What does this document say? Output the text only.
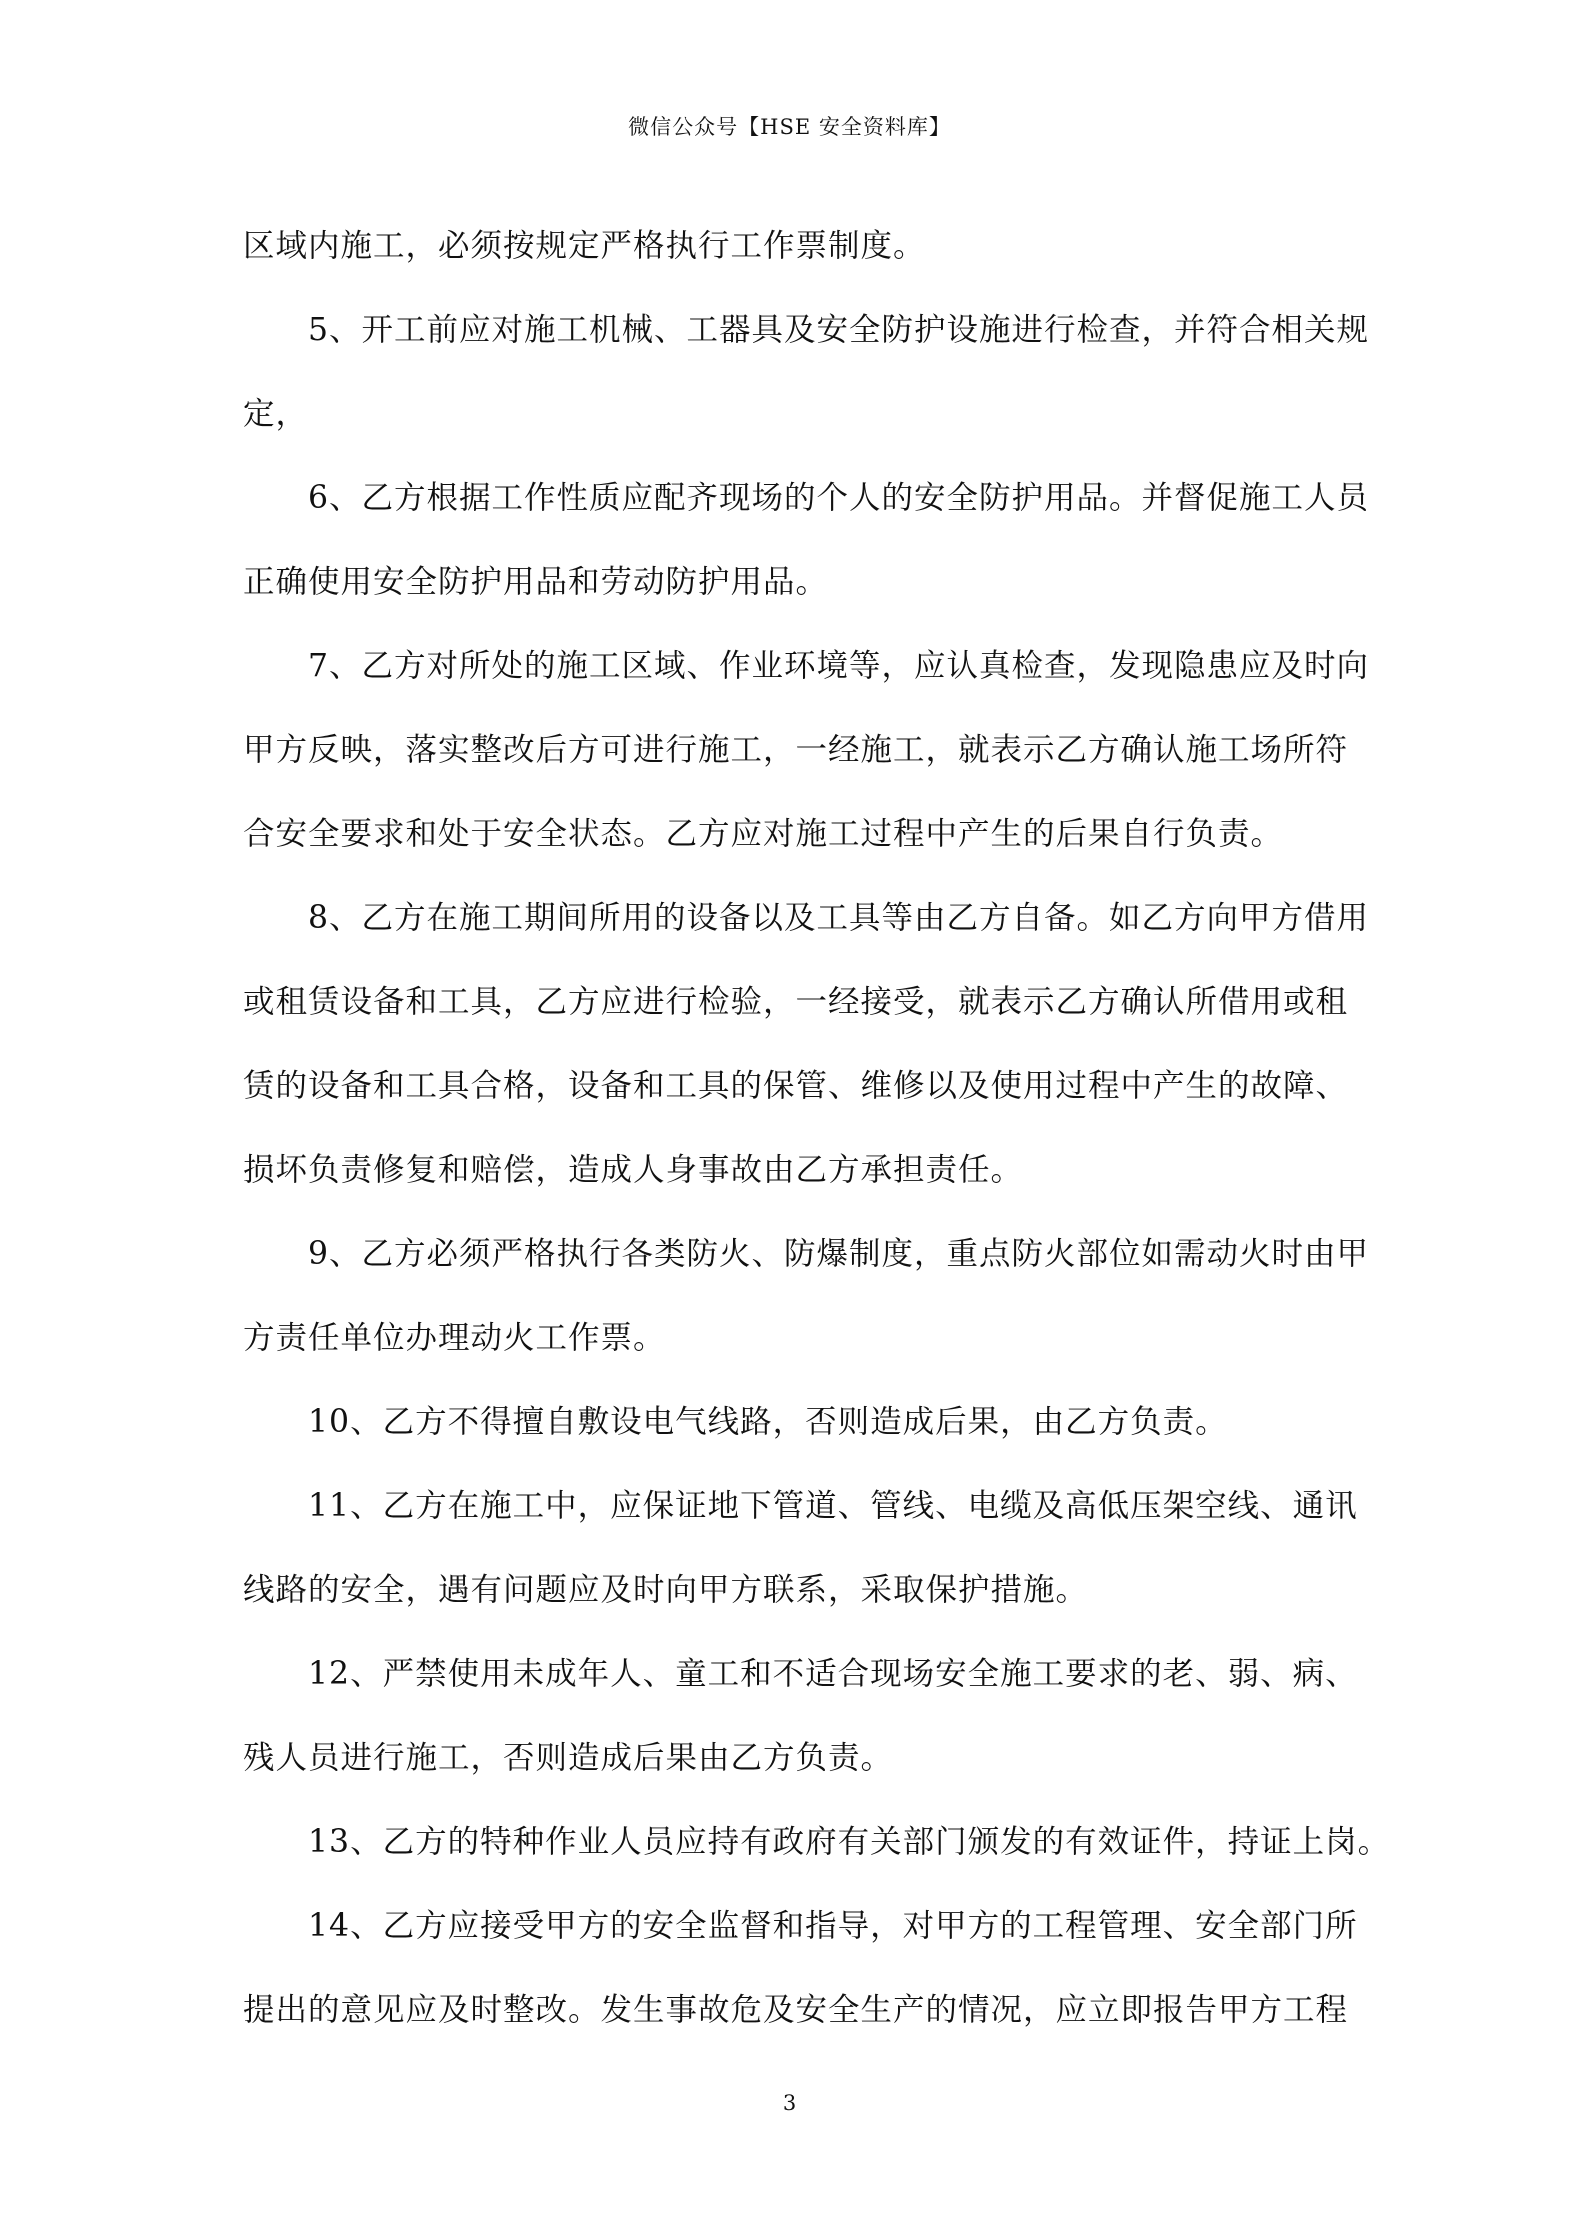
微信公众号【HSE 安全资料库】

区域内施工，必须按规定严格执行工作票制度。

　　5、开工前应对施工机械、工器具及安全防护设施进行检查，并符合相关规

定，

　　6、乙方根据工作性质应配齐现场的个人的安全防护用品。并督促施工人员

正确使用安全防护用品和劳动防护用品。

　　7、乙方对所处的施工区域、作业环境等，应认真检查，发现隐患应及时向

甲方反映，落实整改后方可进行施工，一经施工，就表示乙方确认施工场所符

合安全要求和处于安全状态。乙方应对施工过程中产生的后果自行负责。

　　8、乙方在施工期间所用的设备以及工具等由乙方自备。如乙方向甲方借用

或租赁设备和工具，乙方应进行检验，一经接受，就表示乙方确认所借用或租

赁的设备和工具合格，设备和工具的保管、维修以及使用过程中产生的故障、

损坏负责修复和赔偿，造成人身事故由乙方承担责任。

　　9、乙方必须严格执行各类防火、防爆制度，重点防火部位如需动火时由甲

方责任单位办理动火工作票。

　　10、乙方不得擅自敷设电气线路，否则造成后果，由乙方负责。

　　11、乙方在施工中，应保证地下管道、管线、电缆及高低压架空线、通讯

线路的安全，遇有问题应及时向甲方联系，采取保护措施。

　　12、严禁使用未成年人、童工和不适合现场安全施工要求的老、弱、病、

残人员进行施工，否则造成后果由乙方负责。

　　13、乙方的特种作业人员应持有政府有关部门颁发的有效证件，持证上岗。

　　14、乙方应接受甲方的安全监督和指导，对甲方的工程管理、安全部门所

提出的意见应及时整改。发生事故危及安全生产的情况，应立即报告甲方工程

3
